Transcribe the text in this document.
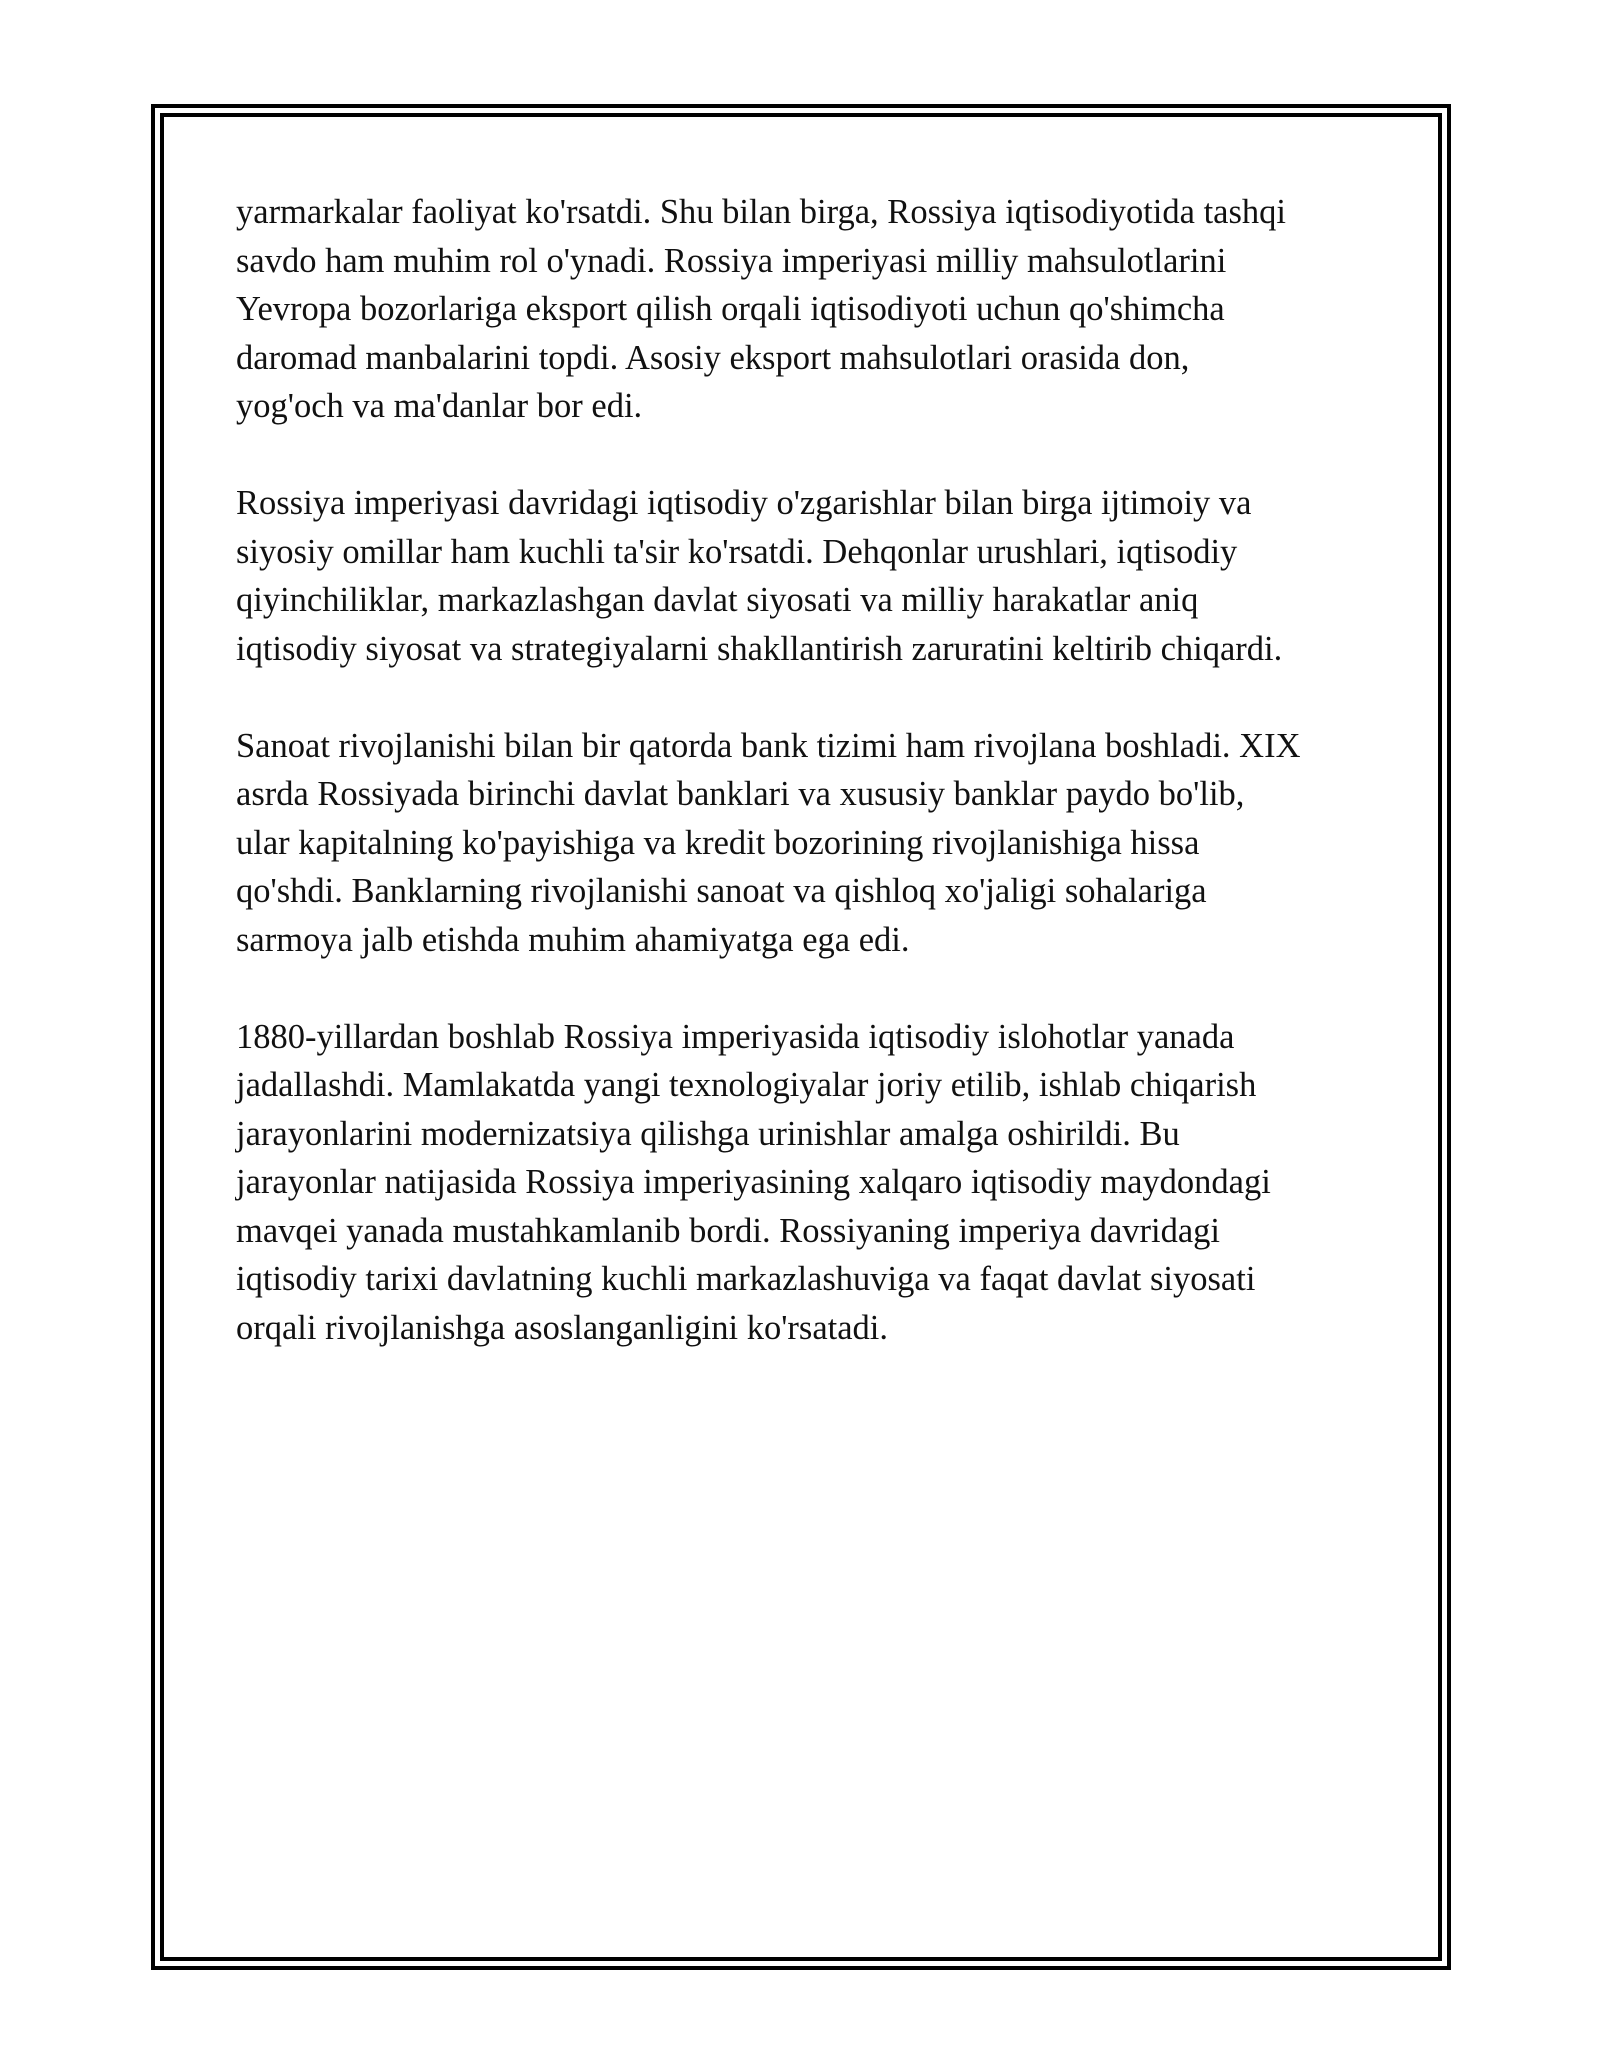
yarmarkalar faoliyat ko'rsatdi. Shu bilan birga, Rossiya iqtisodiyotida tashqi
savdo ham muhim rol o'ynadi. Rossiya imperiyasi milliy mahsulotlarini
Yevropa bozorlariga eksport qilish orqali iqtisodiyoti uchun qo'shimcha
daromad manbalarini topdi. Asosiy eksport mahsulotlari orasida don,
yog'och va ma'danlar bor edi.

Rossiya imperiyasi davridagi iqtisodiy o'zgarishlar bilan birga ijtimoiy va
siyosiy omillar ham kuchli ta'sir ko'rsatdi. Dehqonlar urushlari, iqtisodiy
qiyinchiliklar, markazlashgan davlat siyosati va milliy harakatlar aniq
iqtisodiy siyosat va strategiyalarni shakllantirish zaruratini keltirib chiqardi.

Sanoat rivojlanishi bilan bir qatorda bank tizimi ham rivojlana boshladi. XIX
asrda Rossiyada birinchi davlat banklari va xususiy banklar paydo bo'lib,
ular kapitalning ko'payishiga va kredit bozorining rivojlanishiga hissa
qo'shdi. Banklarning rivojlanishi sanoat va qishloq xo'jaligi sohalariga
sarmoya jalb etishda muhim ahamiyatga ega edi.

1880-yillardan boshlab Rossiya imperiyasida iqtisodiy islohotlar yanada
jadallashdi. Mamlakatda yangi texnologiyalar joriy etilib, ishlab chiqarish
jarayonlarini modernizatsiya qilishga urinishlar amalga oshirildi. Bu
jarayonlar natijasida Rossiya imperiyasining xalqaro iqtisodiy maydondagi
mavqei yanada mustahkamlanib bordi. Rossiyaning imperiya davridagi
iqtisodiy tarixi davlatning kuchli markazlashuviga va faqat davlat siyosati
orqali rivojlanishga asoslanganligini ko'rsatadi.
